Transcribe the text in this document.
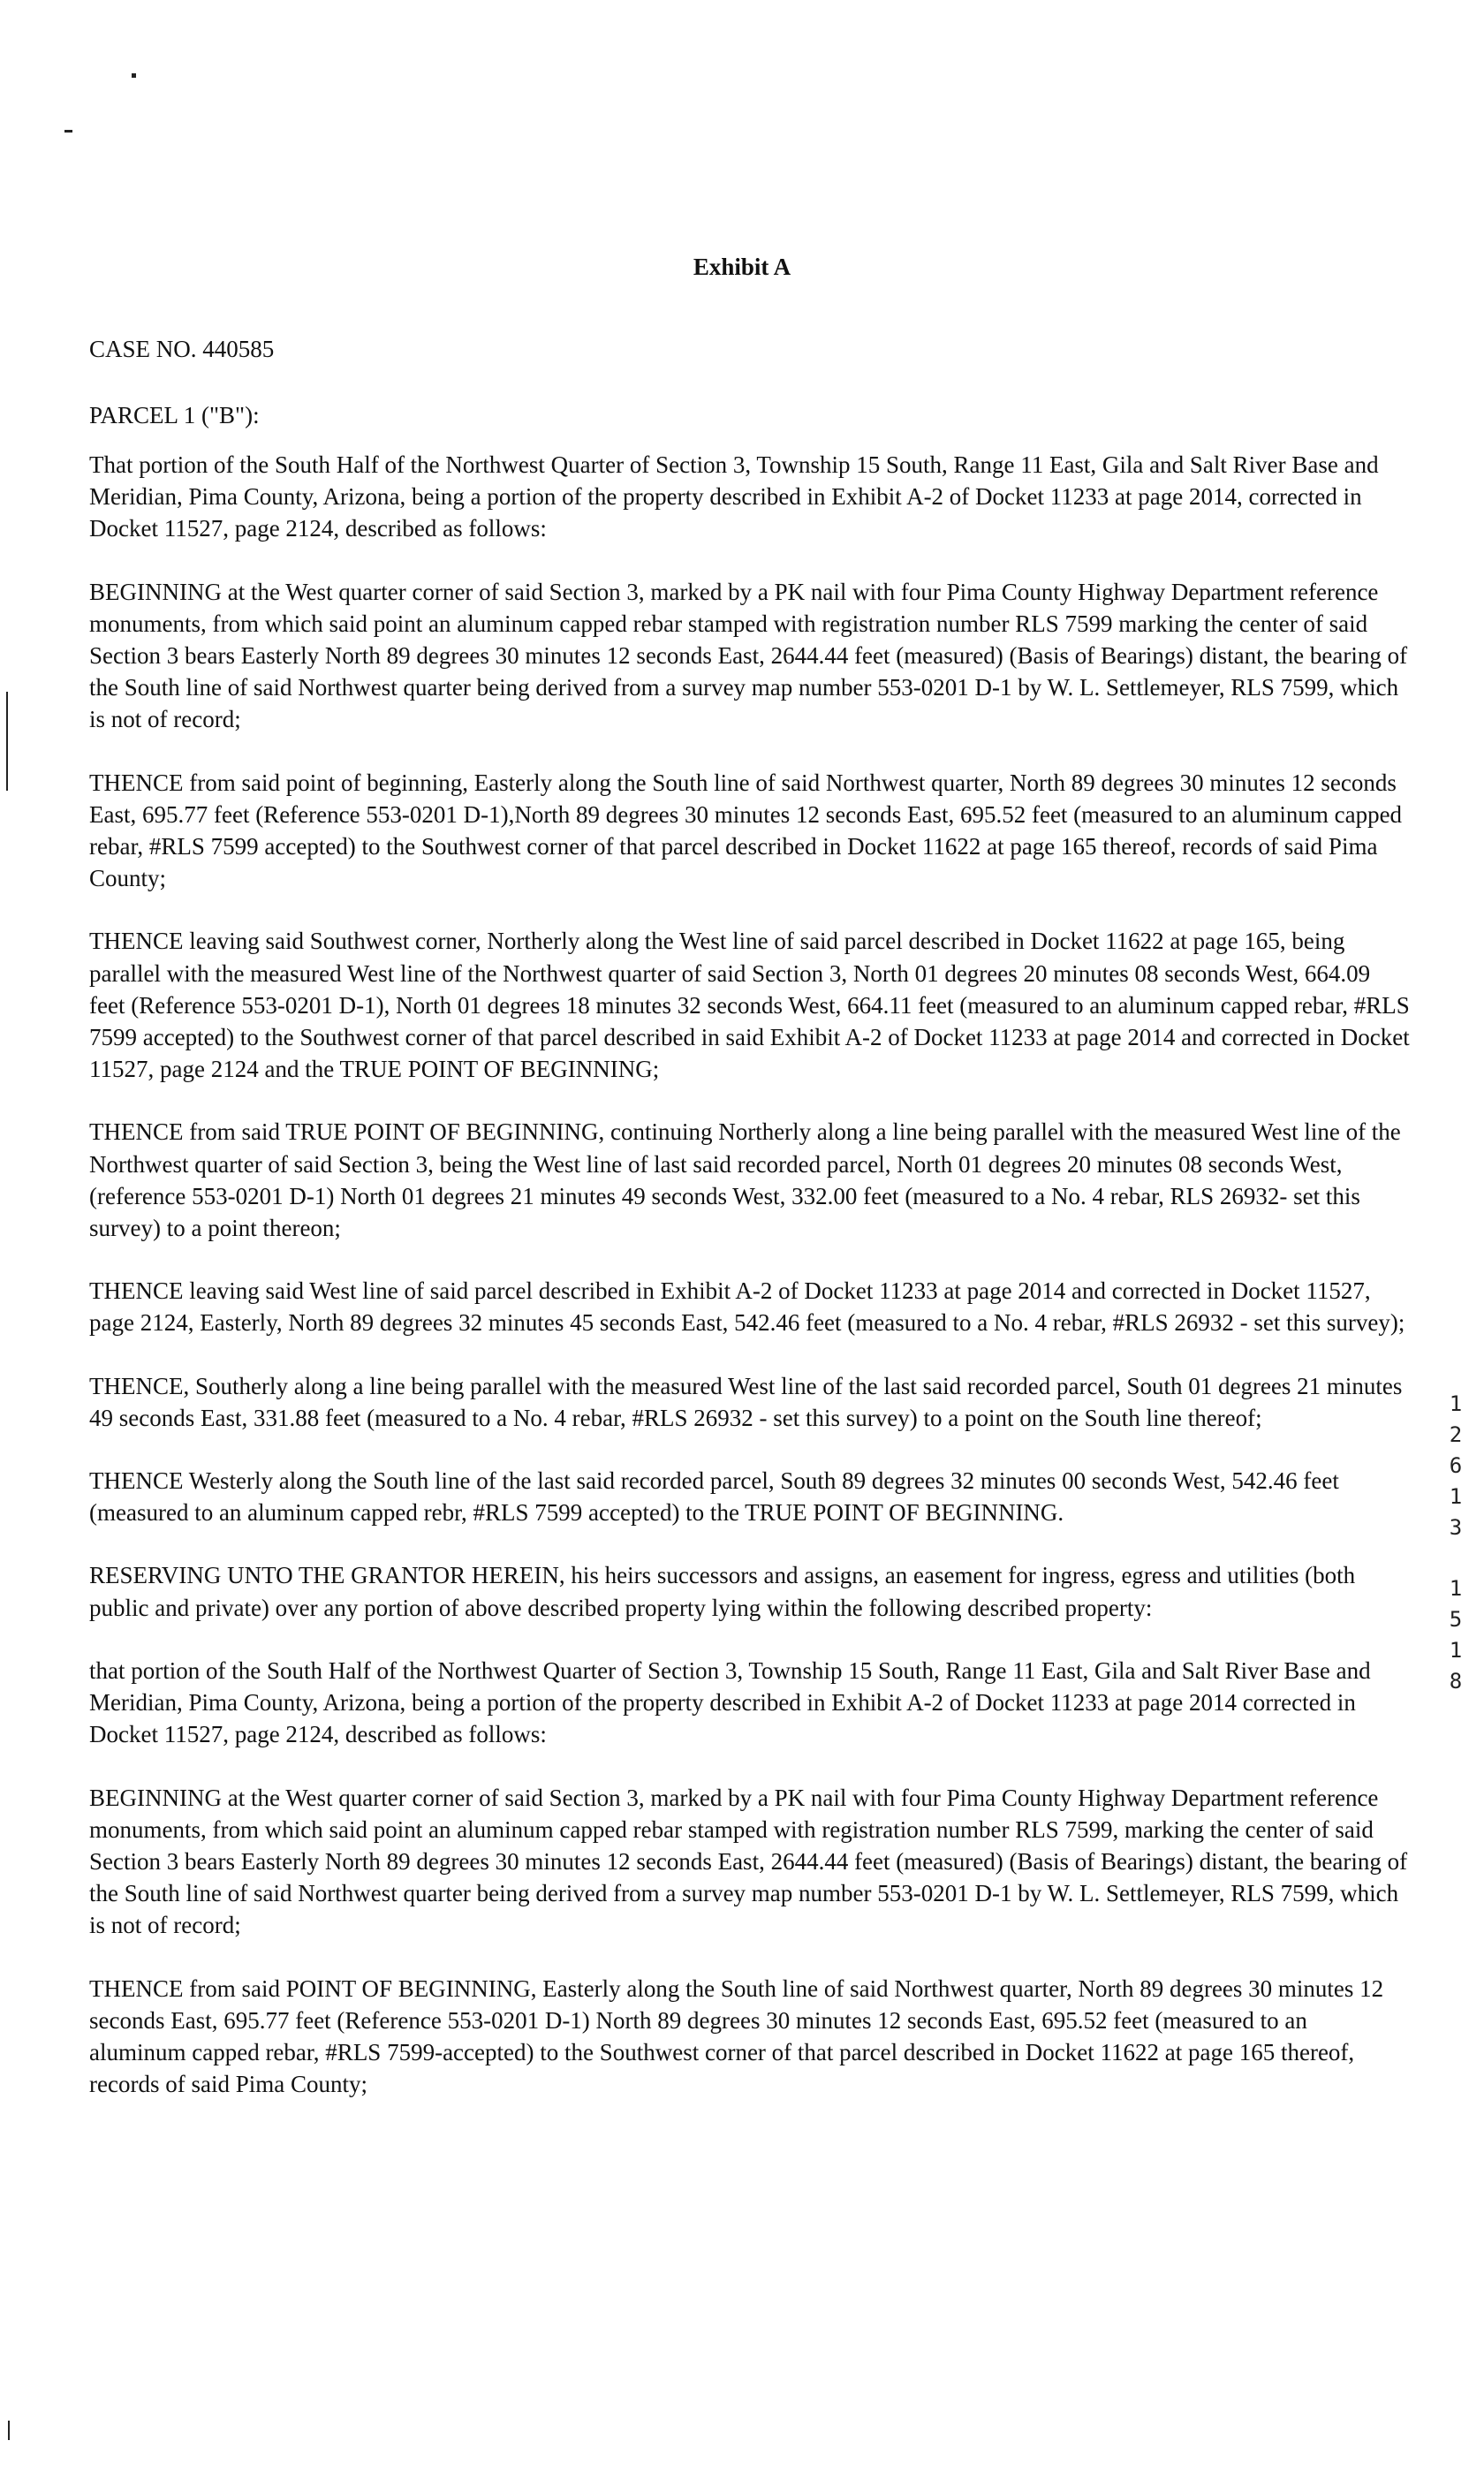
Exhibit A

CASE NO. 440585

PARCEL 1 ("B"):

That portion of the South Half of the Northwest Quarter of Section 3, Township 15 South, Range 11 East, Gila and Salt River Base and Meridian, Pima County, Arizona, being a portion of the property described in Exhibit A-2 of Docket 11233 at page 2014, corrected in Docket 11527, page 2124, described as follows:

BEGINNING at the West quarter corner of said Section 3, marked by a PK nail with four Pima County Highway Department reference monuments, from which said point an aluminum capped rebar stamped with registration number RLS 7599 marking the center of said Section 3 bears Easterly North 89 degrees 30 minutes 12 seconds East, 2644.44 feet (measured) (Basis of Bearings) distant, the bearing of the South line of said Northwest quarter being derived from a survey map number 553-0201 D-1 by W. L. Settlemeyer, RLS 7599, which is not of record;

THENCE from said point of beginning, Easterly along the South line of said Northwest quarter, North 89 degrees 30 minutes 12 seconds East, 695.77 feet (Reference 553-0201 D-1),North 89 degrees 30 minutes 12 seconds East, 695.52 feet (measured to an aluminum capped rebar, #RLS 7599 accepted) to the Southwest corner of that parcel described in Docket 11622 at page 165 thereof, records of said Pima County;

THENCE leaving said Southwest corner, Northerly along the West line of said parcel described in Docket 11622 at page 165, being parallel with the measured West line of the Northwest quarter of said Section 3, North 01 degrees 20 minutes 08 seconds West, 664.09 feet (Reference 553-0201 D-1), North 01 degrees 18 minutes 32 seconds West, 664.11 feet (measured to an aluminum capped rebar, #RLS 7599 accepted) to the Southwest corner of that parcel described in said Exhibit A-2 of Docket 11233 at page 2014 and corrected in Docket 11527, page 2124 and the TRUE POINT OF BEGINNING;

THENCE from said TRUE POINT OF BEGINNING, continuing Northerly along a line being parallel with the measured West line of the Northwest quarter of said Section 3, being the West line of last said recorded parcel, North 01 degrees 20 minutes 08 seconds West, (reference 553-0201 D-1) North 01 degrees 21 minutes 49 seconds West, 332.00 feet (measured to a No. 4 rebar, RLS 26932- set this survey) to a point thereon;

THENCE leaving said West line of said parcel described in Exhibit A-2 of Docket 11233 at page 2014 and corrected in Docket 11527, page 2124, Easterly, North 89 degrees 32 minutes 45 seconds East, 542.46 feet (measured to a No. 4 rebar, #RLS 26932 - set this survey);

THENCE, Southerly along a line being parallel with the measured West line of the last said recorded parcel, South 01 degrees 21 minutes 49 seconds East, 331.88 feet (measured to a No. 4 rebar, #RLS 26932 - set this survey) to a point on the South line thereof;

THENCE Westerly along the South line of the last said recorded parcel, South 89 degrees 32 minutes 00 seconds West, 542.46 feet (measured to an aluminum capped rebr, #RLS 7599 accepted) to the TRUE POINT OF BEGINNING.

RESERVING UNTO THE GRANTOR HEREIN, his heirs successors and assigns, an easement for ingress, egress and utilities (both public and private) over any portion of above described property lying within the following described property:

that portion of the South Half of the Northwest Quarter of Section 3, Township 15 South, Range 11 East, Gila and Salt River Base and Meridian, Pima County, Arizona, being a portion of the property described in Exhibit A-2 of Docket 11233 at page 2014 corrected in Docket 11527, page 2124, described as follows:

BEGINNING at the West quarter corner of said Section 3, marked by a PK nail with four Pima County Highway Department reference monuments, from which said point an aluminum capped rebar stamped with registration number RLS 7599, marking the center of said Section 3 bears Easterly North 89 degrees 30 minutes 12 seconds East, 2644.44 feet (measured) (Basis of Bearings) distant, the bearing of the South line of said Northwest quarter being derived from a survey map number 553-0201 D-1 by W. L. Settlemeyer, RLS 7599, which is not of record;

THENCE from said POINT OF BEGINNING, Easterly along the South line of said Northwest quarter, North 89 degrees 30 minutes 12 seconds East, 695.77 feet (Reference 553-0201 D-1) North 89 degrees 30 minutes 12 seconds East, 695.52 feet (measured to an aluminum capped rebar, #RLS 7599-accepted) to the Southwest corner of that parcel described in Docket 11622 at page 165 thereof, records of said Pima County;

1
2
6
1
3
1
5
1
8
